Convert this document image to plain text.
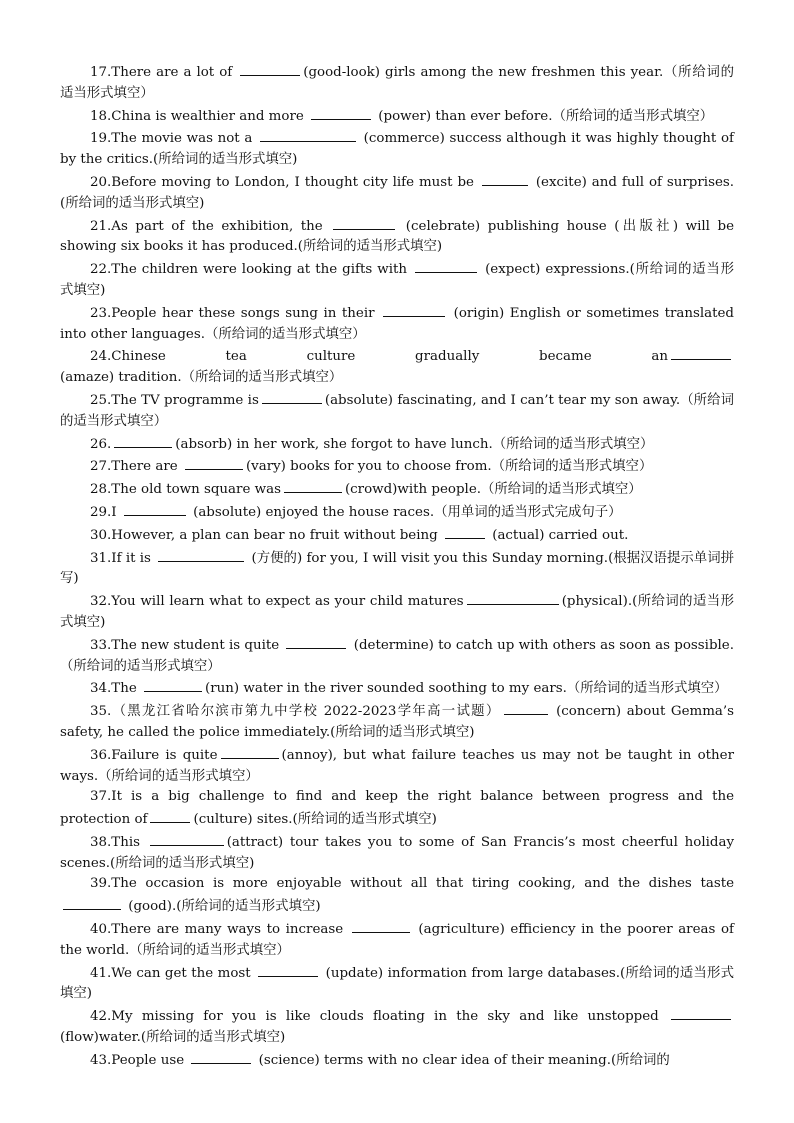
17.There are a lot of	(good-look) girls among the new freshmen this year.（所给词的适当形式填空）

18.China is wealthier and more	(power) than ever before.（所给词的适当形式填空）

19.The movie was not a	(commerce) success although it was highly thought of by the critics.(所给词的适当形式填空)

20.Before moving to London, I thought city life must be	(excite) and full of surprises.(所给词的适当形式填空)

21.As part of the exhibition, the	(celebrate) publishing house (出版社) will be showing six books it has produced.(所给词的适当形式填空)

22.The children were looking at the gifts with	(expect) expressions.(所给词的适当形式填空)

23.People hear these songs sung in their	(origin) English or sometimes translated into other languages.（所给词的适当形式填空）

24.Chinese tea culture gradually became an(amaze) tradition.（所给词的适当形式填空）

25.The TV programme is	(absolute) fascinating, and I can’t tear my son away.（所给词的适当形式填空）

26.	(absorb) in her work, she forgot to have lunch.（所给词的适当形式填空）

27.There are	(vary) books for you to choose from.（所给词的适当形式填空）

28.The old town square was	(crowd)with people.（所给词的适当形式填空）

29.I	(absolute) enjoyed the house races.（用单词的适当形式完成句子）

30.However, a plan can bear no fruit without being	(actual) carried out.

31.If it is	(方便的) for you, I will visit you this Sunday morning.(根据汉语提示单词拼写)

32.You will learn what to expect as your child matures	(physical).(所给词的适当形式填空)

33.The new student is quite	(determine) to catch up with others as soon as possible.（所给词的适当形式填空）

34.The	(run) water in the river sounded soothing to my ears.（所给词的适当形式填空）

35.（黑龙江省哈尔滨市第九中学校 2022-2023学年高一试题）	(concern) about Gemma’s safety, he called the police immediately.(所给词的适当形式填空)

36.Failure is quite	(annoy), but what failure teaches us may not be taught in other ways.（所给词的适当形式填空）

37.It is a big challenge to find and keep the right balance between progress and the protection of	(culture) sites.(所给词的适当形式填空)

38.This	(attract) tour takes you to some of San Francis’s most cheerful holiday scenes.(所给词的适当形式填空)

39.The occasion is more enjoyable without all that tiring cooking, and the dishes taste  (good).(所给词的适当形式填空)

40.There are many ways to increase	(agriculture) efficiency in the poorer areas of the world.（所给词的适当形式填空）

41.We can get the most	(update) information from large databases.(所给词的适当形式填空)

42.My missing for you is like clouds floating in the sky and like unstopped (flow)water.(所给词的适当形式填空)

43.People use	(science) terms with no clear idea of their meaning.(所给词的
